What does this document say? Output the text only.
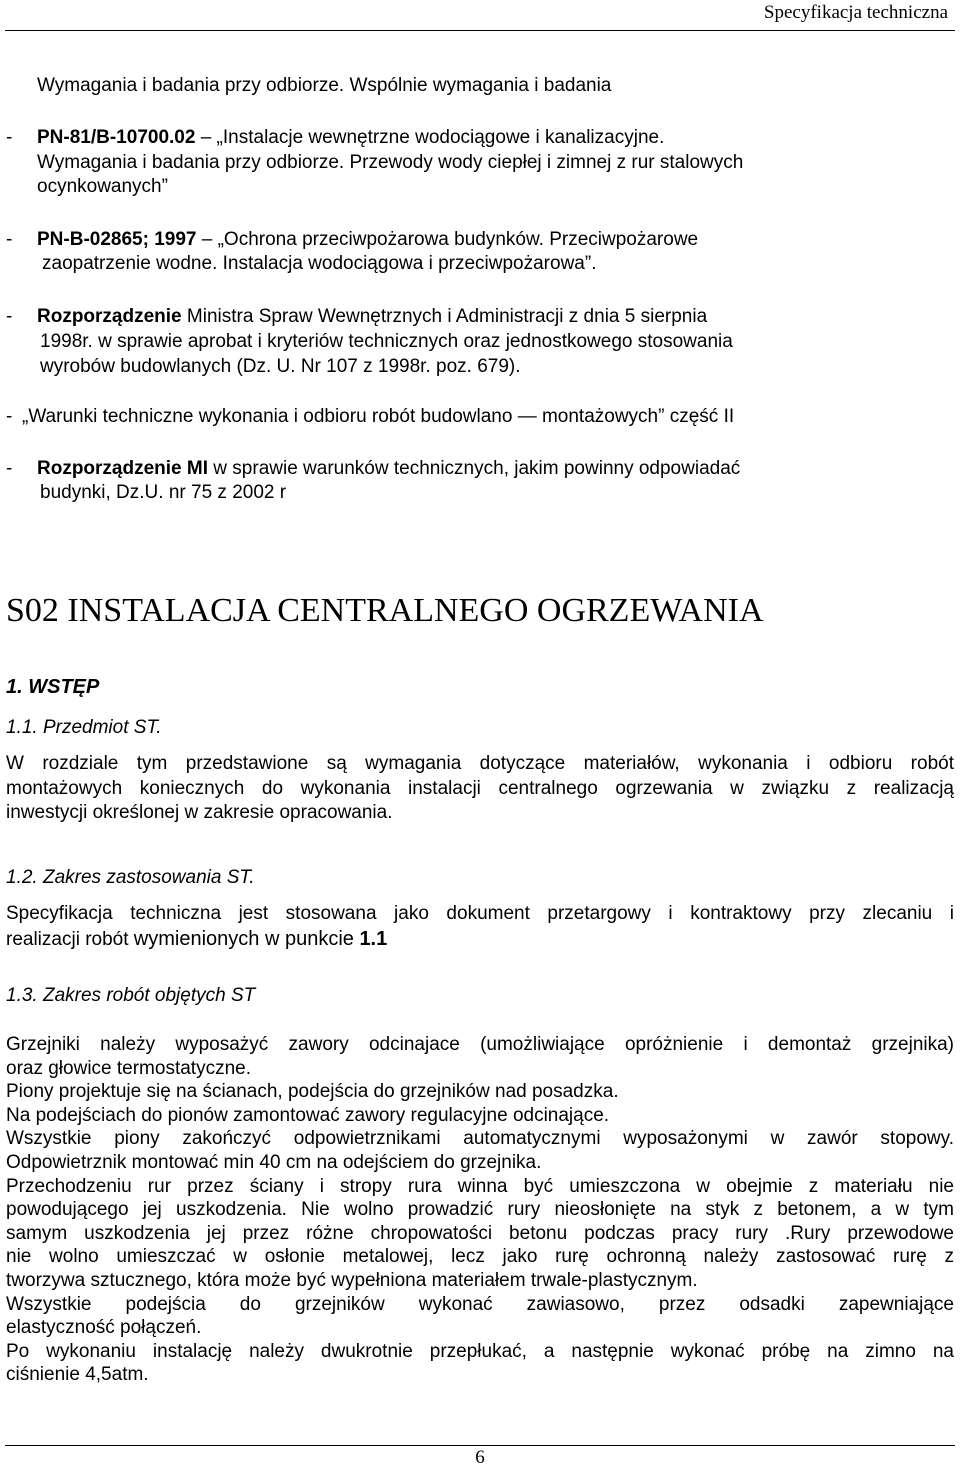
Specyfikacja techniczna
Wymagania i badania przy odbiorze. Wspólnie wymagania i badania
- PN-81/B-10700.02 – „Instalacje wewnętrzne wodociągowe i kanalizacyjne.
Wymagania i badania przy odbiorze. Przewody wody ciepłej i zimnej z rur stalowych
ocynkowanych”
- PN-B-02865; 1997 – „Ochrona przeciwpożarowa budynków. Przeciwpożarowe
zaopatrzenie wodne. Instalacja wodociągowa i przeciwpożarowa”.
- Rozporządzenie Ministra Spraw Wewnętrznych i Administracji z dnia 5 sierpnia
1998r. w sprawie aprobat i kryteriów technicznych oraz jednostkowego stosowania
wyrobów budowlanych (Dz. U. Nr 107 z 1998r. poz. 679).
- „Warunki techniczne wykonania i odbioru robót budowlano — montażowych” część II
- Rozporządzenie MI w sprawie warunków technicznych, jakim powinny odpowiadać
budynki, Dz.U. nr 75 z 2002 r
S02 INSTALACJA CENTRALNEGO OGRZEWANIA
1. WSTĘP
1.1. Przedmiot ST.
W rozdziale tym przedstawione są wymagania dotyczące materiałów, wykonania i odbioru robót
montażowych koniecznych do wykonania instalacji centralnego ogrzewania w związku z realizacją
inwestycji określonej w zakresie opracowania.
1.2. Zakres zastosowania ST.
Specyfikacja techniczna jest stosowana jako dokument przetargowy i kontraktowy przy zlecaniu i
realizacji robót wymienionych w punkcie 1.1
1.3. Zakres robót objętych ST
Grzejniki należy wyposażyć zawory odcinajace (umożliwiające opróżnienie i demontaż grzejnika)
oraz głowice termostatyczne.
Piony projektuje się na ścianach, podejścia do grzejników nad posadzka.
Na podejściach do pionów zamontować zawory regulacyjne odcinające.
Wszystkie piony zakończyć odpowietrznikami automatycznymi wyposażonymi w zawór stopowy.
Odpowietrznik montować min 40 cm na odejściem do grzejnika.
Przechodzeniu rur przez ściany i stropy rura winna być umieszczona w obejmie z materiału nie
powodującego jej uszkodzenia. Nie wolno prowadzić rury nieosłonięte na styk z betonem, a w tym
samym uszkodzenia jej przez różne chropowatości betonu podczas pracy rury .Rury przewodowe
nie wolno umieszczać w osłonie metalowej, lecz jako rurę ochronną należy zastosować rurę z
tworzywa sztucznego, która może być wypełniona materiałem trwale-plastycznym.
Wszystkie podejścia do grzejników wykonać zawiasowo, przez odsadki zapewniające
elastyczność połączeń.
Po wykonaniu instalację należy dwukrotnie przepłukać, a następnie wykonać próbę na zimno na
ciśnienie 4,5atm.
6
